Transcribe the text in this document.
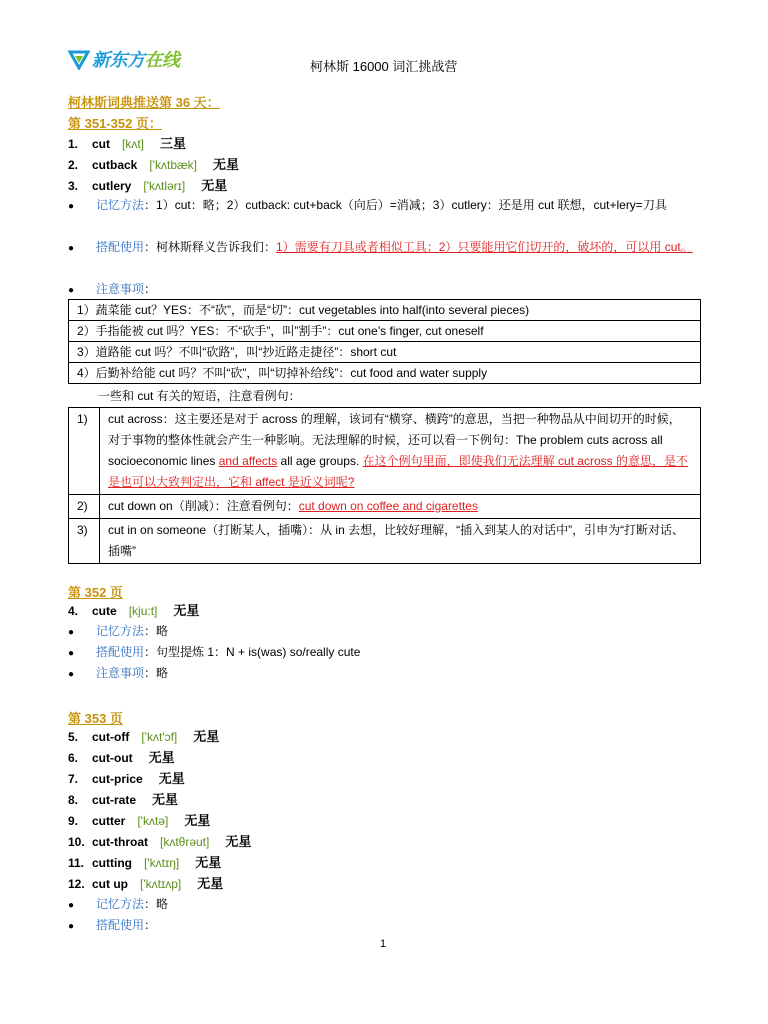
新东方在线	柯林斯 16000 词汇挑战营
柯林斯词典推送第 36 天：
第 351-352 页：
1. cut [kʌt] 三星
2. cutback ['kʌtbæk] 无星
3. cutlery ['kʌtlərɪ] 无星
● 记忆方法：1）cut：略；2）cutback: cut+back（向后）=消减；3）cutlery：还是用 cut 联想，cut+lery=刀具
● 搭配使用：柯林斯释义告诉我们：1）需要有刀具或者相似工具；2）只要能用它们切开的，破坏的，可以用 cut。
● 注意事项：
1）蔬菜能 cut？YES：不“砍”，而是“切”：cut vegetables into half(into several pieces)
2）手指能被 cut 吗？YES：不“砍手”，叫”割手”：cut one’s finger, cut oneself
3）道路能 cut 吗？不叫“砍路”，叫“抄近路走捷径”：short cut
4）后勤补给能 cut 吗？不叫“砍”，叫“切掉补给线”：cut food and water supply
一些和 cut 有关的短语，注意看例句：
1)	cut across：这主要还是对于 across 的理解，该词有“横穿、横跨”的意思，当把一种物品从中间切开的时候，对于事物的整体性就会产生一种影响。无法理解的时候，还可以看一下例句：The problem cuts across all socioeconomic lines and affects all age groups. 在这个例句里面，即使我们无法理解 cut across 的意思，是不是也可以大致判定出，它和 affect 是近义词呢?
2)	cut down on（削减）：注意看例句：cut down on coffee and cigarettes
3)	cut in on someone（打断某人，插嘴）：从 in 去想，比较好理解，“插入到某人的对话中”，引申为“打断对话、插嘴”
第 352 页
4. cute [kju:t] 无星
● 记忆方法：略
● 搭配使用：句型提炼 1：N + is(was) so/really cute
● 注意事项：略
第 353 页
5. cut-off ['kʌt'ɔf] 无星
6. cut-out 无星
7. cut-price 无星
8. cut-rate 无星
9. cutter ['kʌtə] 无星
10. cut-throat [kʌtθrəut] 无星
11. cutting ['kʌtɪŋ] 无星
12. cut up ['kʌtɪʌp] 无星
● 记忆方法：略
● 搭配使用：
1
